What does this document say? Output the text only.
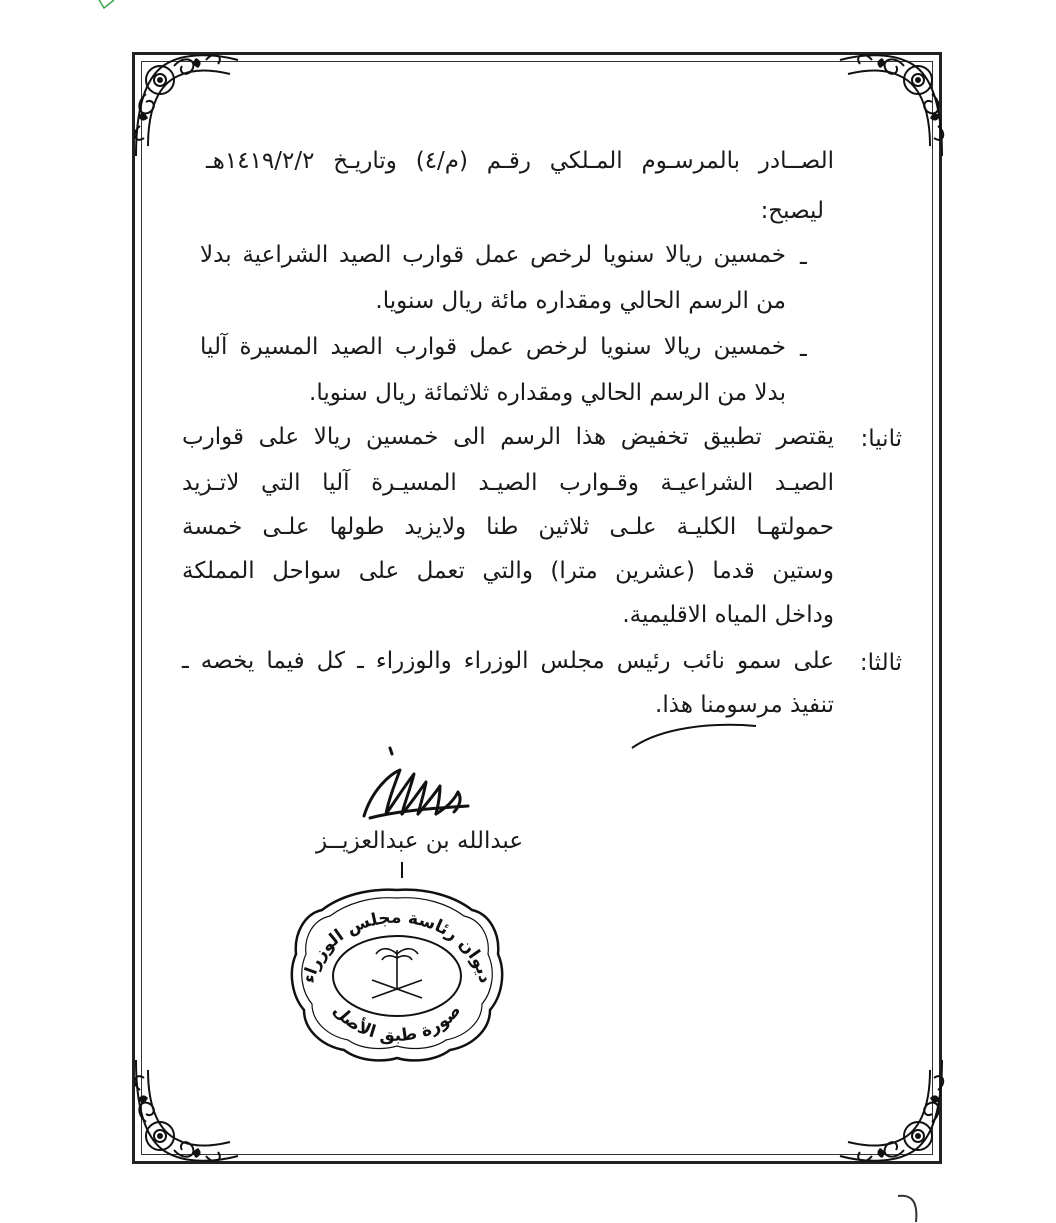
الصــادر بالمرسـوم المـلكي رقـم (م/٤) وتاريـخ ١٤١٩/٢/٢هـ
ليصبح:
ـ
خمسين ريالا سنويا لرخص عمل قوارب الصيد الشراعية بدلا
من الرسم الحالي ومقداره مائة ريال سنويا.
ـ
خمسين ريالا سنويا لرخص عمل قوارب الصيد المسيرة آليا
بدلا من الرسم الحالي ومقداره ثلاثمائة ريال سنويا.
ثانيا:
يقتصر تطبيق تخفيض هذا الرسم الى خمسين ريالا على قوارب
الصيـد الشراعيـة وقـوارب الصيـد المسيـرة آليا التي لاتـزيد
حمولتهـا الكليـة علـى ثلاثين طنا ولايزيد طولها علـى خمسة
وستين قدما (عشرين مترا) والتي تعمل على سواحل المملكة
وداخل المياه الاقليمية.
ثالثا:
على سمو نائب رئيس مجلس الوزراء والوزراء ـ كل فيما يخصه ـ
تنفيذ مرسومنا هذا.
عبدالله بن عبدالعزيــز
ديوان رئاسة مجلس الوزراء
صورة طبق الأصل
